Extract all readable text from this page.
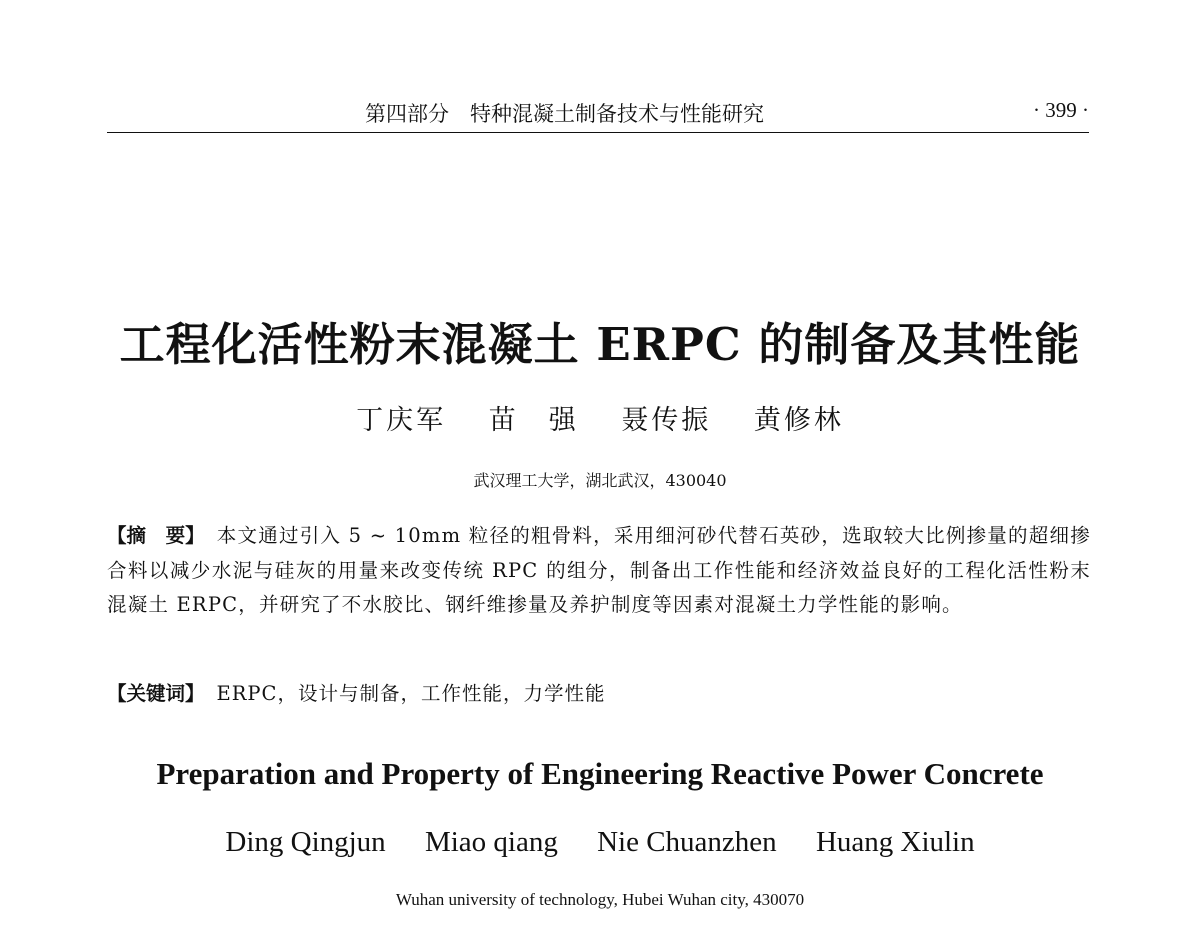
第四部分　特种混凝土制备技术与性能研究	· 399 ·
工程化活性粉末混凝土 ERPC 的制备及其性能
丁庆军 苗　强 聂传振 黄修林
武汉理工大学，湖北武汉，430040
【摘　要】 本文通过引入 5 ~ 10mm 粒径的粗骨料，采用细河砂代替石英砂，选取较大比例掺量的超细掺合料以减少水泥与硅灰的用量来改变传统 RPC 的组分，制备出工作性能和经济效益良好的工程化活性粉末混凝土 ERPC，并研究了不水胶比、钢纤维掺量及养护制度等因素对混凝土力学性能的影响。
【关键词】 ERPC，设计与制备，工作性能，力学性能
Preparation and Property of Engineering Reactive Power Concrete
Ding Qingjun Miao qiang Nie Chuanzhen Huang Xiulin
Wuhan university of technology, Hubei Wuhan city, 430070
